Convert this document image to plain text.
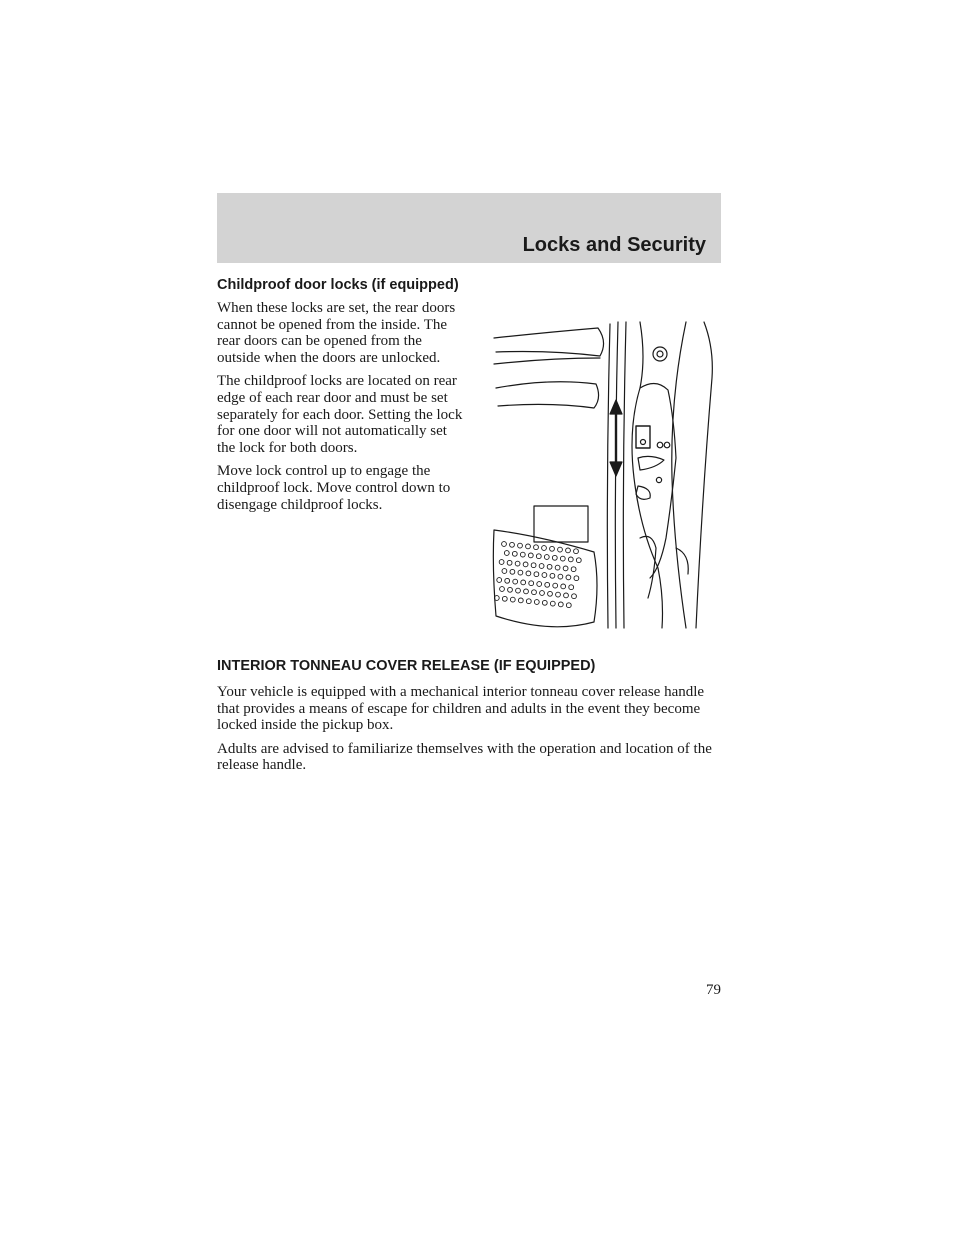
Locks and Security
Childproof door locks (if equipped)

When these locks are set, the rear doors cannot be opened from the inside. The rear doors can be opened from the outside when the doors are unlocked.

The childproof locks are located on rear edge of each rear door and must be set separately for each door. Setting the lock for one door will not automatically set the lock for both doors.

Move lock control up to engage the childproof lock. Move control down to disengage childproof locks.

INTERIOR TONNEAU COVER RELEASE (IF EQUIPPED)

Your vehicle is equipped with a mechanical interior tonneau cover release handle that provides a means of escape for children and adults in the event they become locked inside the pickup box.

Adults are advised to familiarize themselves with the operation and location of the release handle.

79
